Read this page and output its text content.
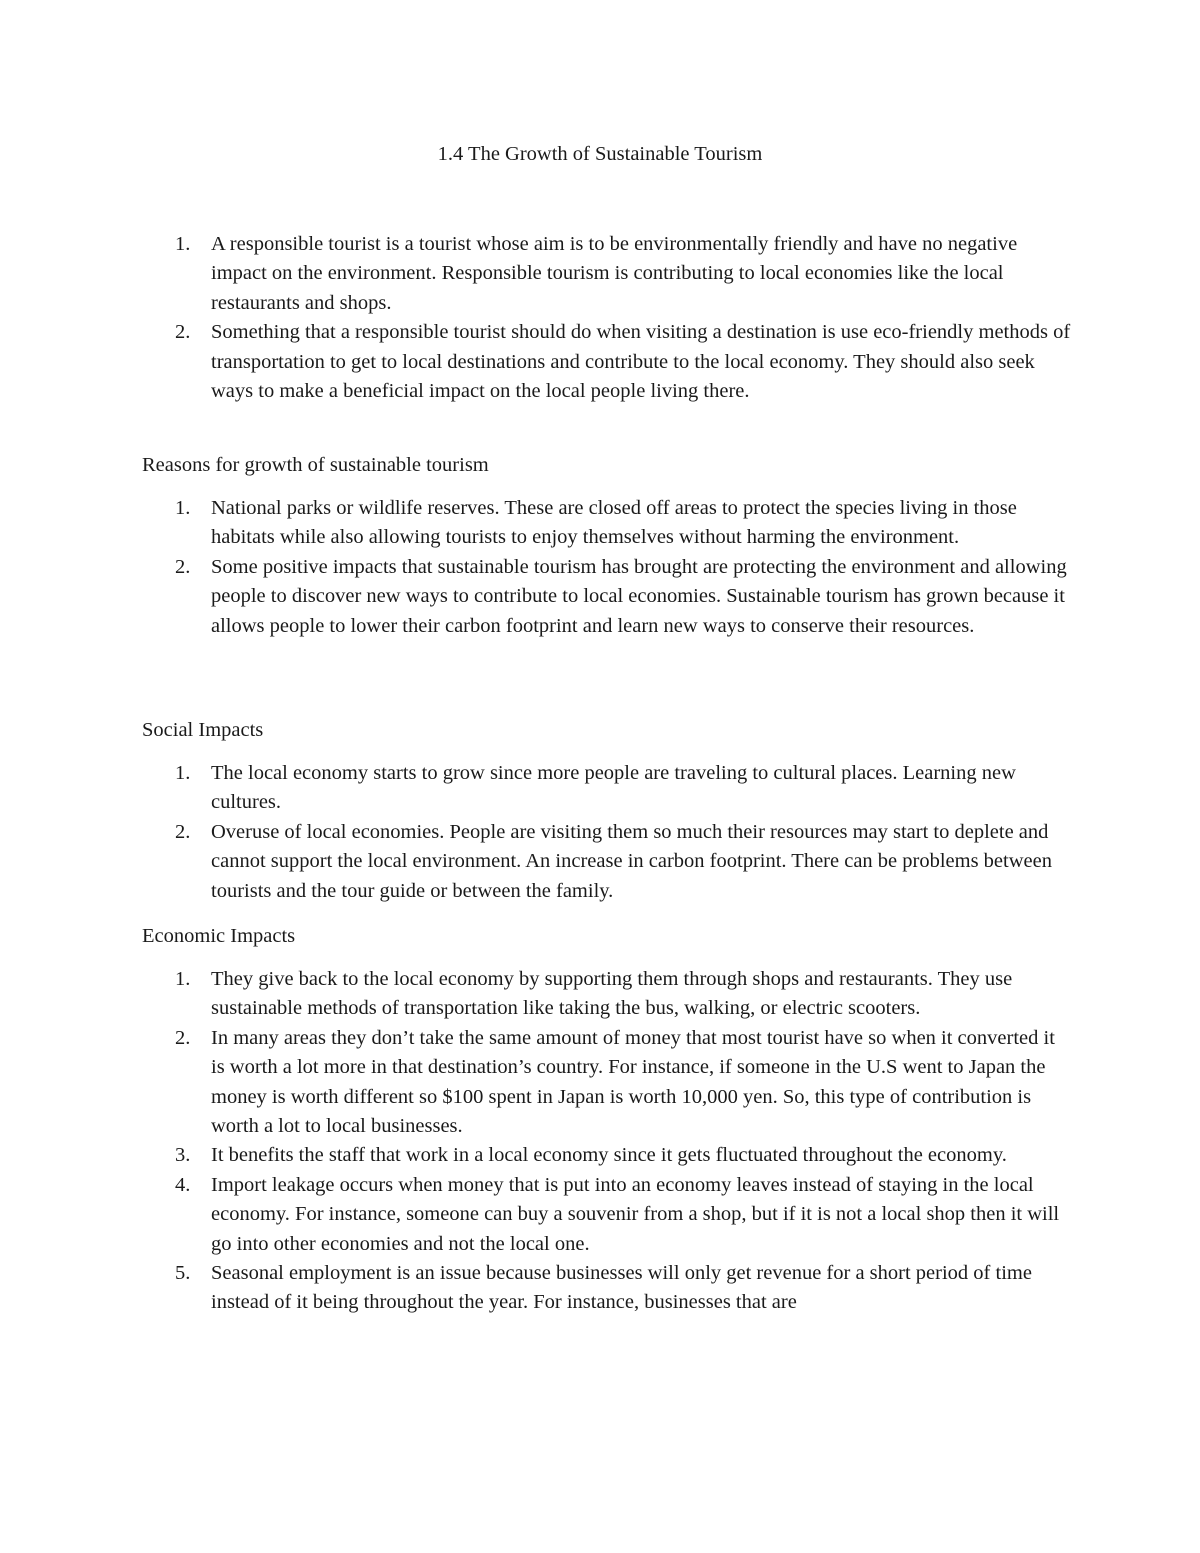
1.4 The Growth of Sustainable Tourism
1. A responsible tourist is a tourist whose aim is to be environmentally friendly and have no negative impact on the environment. Responsible tourism is contributing to local economies like the local restaurants and shops.
2. Something that a responsible tourist should do when visiting a destination is use eco-friendly methods of transportation to get to local destinations and contribute to the local economy. They should also seek ways to make a beneficial impact on the local people living there.
Reasons for growth of sustainable tourism
1. National parks or wildlife reserves. These are closed off areas to protect the species living in those habitats while also allowing tourists to enjoy themselves without harming the environment.
2. Some positive impacts that sustainable tourism has brought are protecting the environment and allowing people to discover new ways to contribute to local economies. Sustainable tourism has grown because it allows people to lower their carbon footprint and learn new ways to conserve their resources.
Social Impacts
1. The local economy starts to grow since more people are traveling to cultural places. Learning new cultures.
2. Overuse of local economies. People are visiting them so much their resources may start to deplete and cannot support the local environment. An increase in carbon footprint. There can be problems between tourists and the tour guide or between the family.
Economic Impacts
1. They give back to the local economy by supporting them through shops and restaurants. They use sustainable methods of transportation like taking the bus, walking, or electric scooters.
2. In many areas they don’t take the same amount of money that most tourist have so when it converted it is worth a lot more in that destination’s country. For instance, if someone in the U.S went to Japan the money is worth different so $100 spent in Japan is worth 10,000 yen. So, this type of contribution is worth a lot to local businesses.
3. It benefits the staff that work in a local economy since it gets fluctuated throughout the economy.
4. Import leakage occurs when money that is put into an economy leaves instead of staying in the local economy. For instance, someone can buy a souvenir from a shop, but if it is not a local shop then it will go into other economies and not the local one.
5. Seasonal employment is an issue because businesses will only get revenue for a short period of time instead of it being throughout the year. For instance, businesses that are
